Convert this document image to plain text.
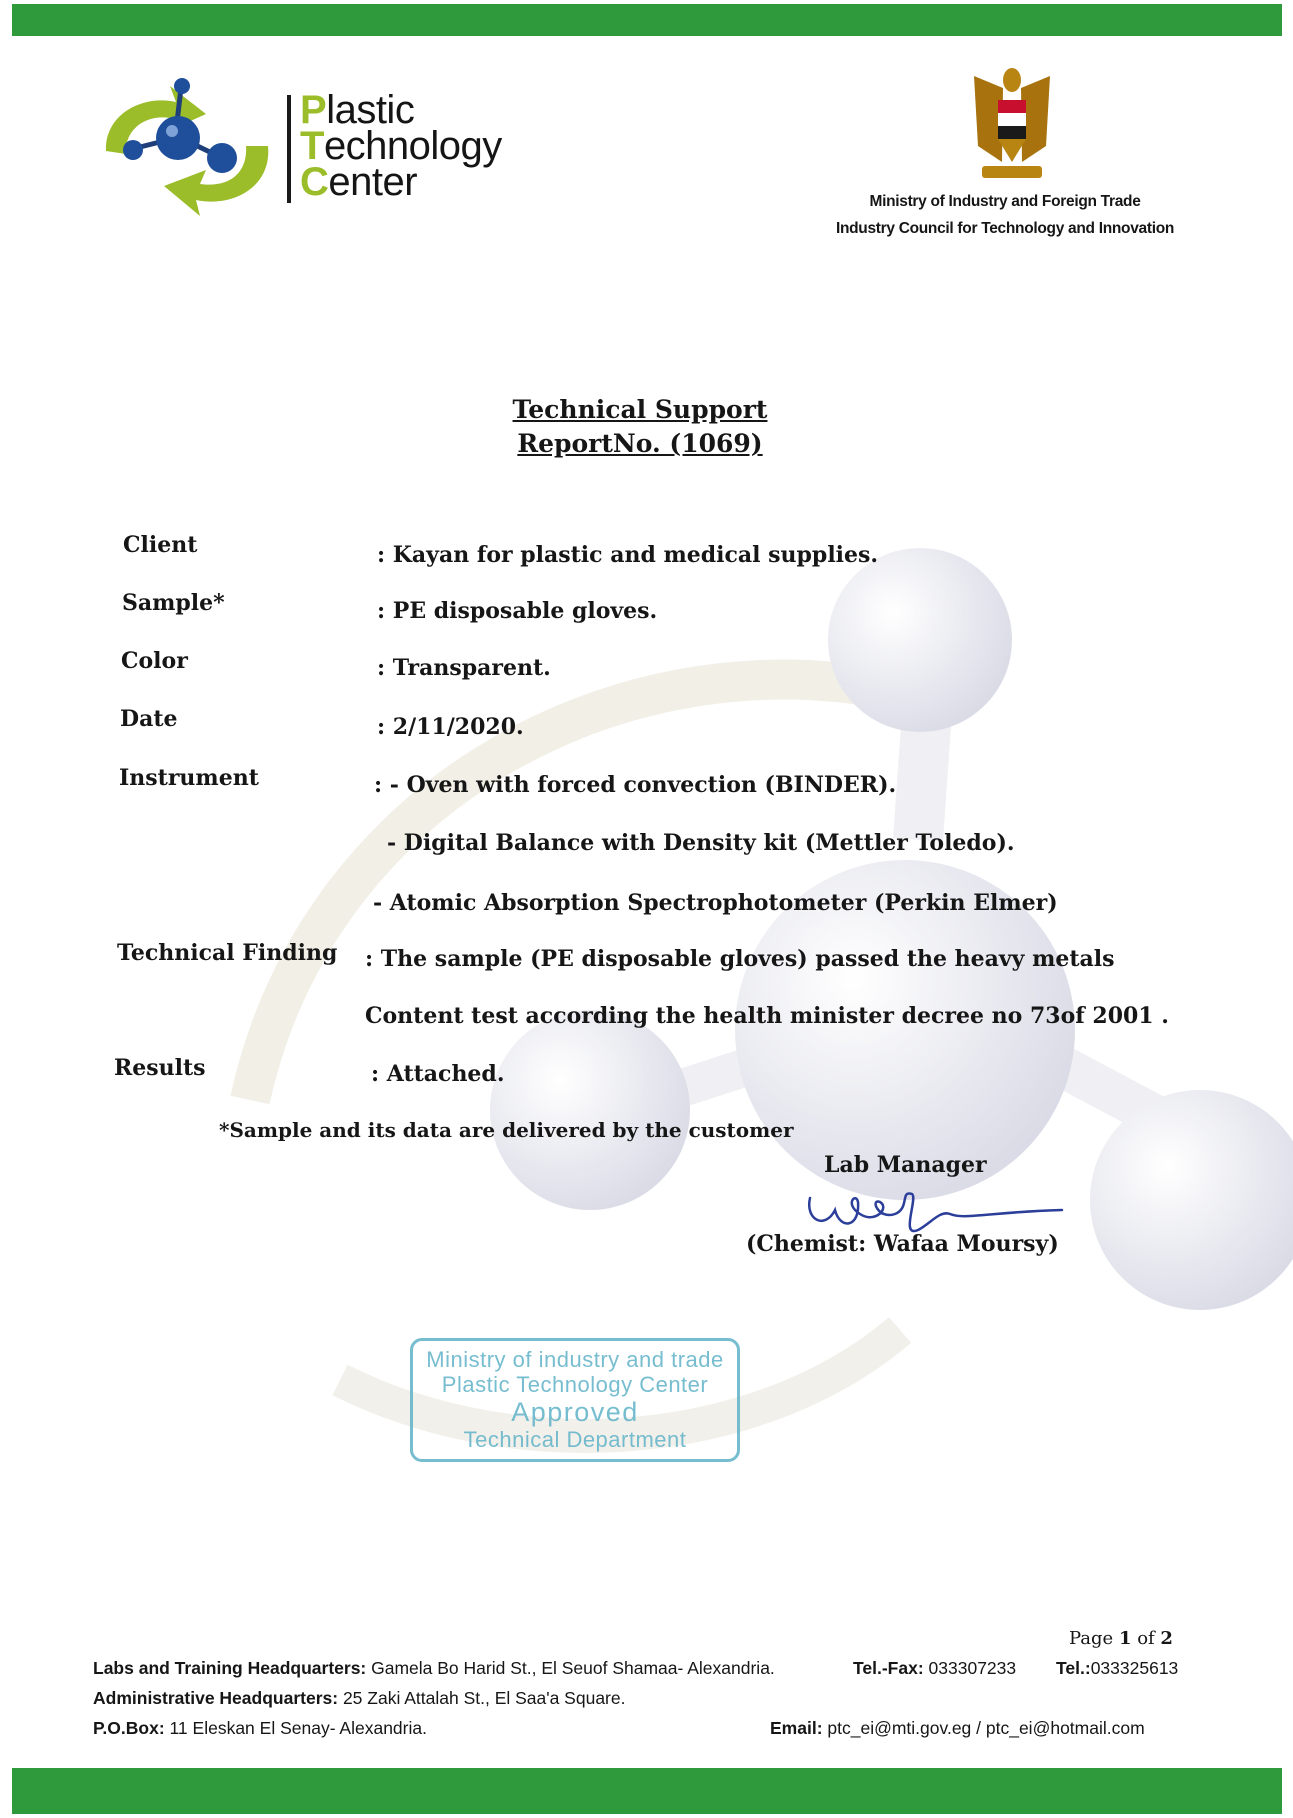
Plastic
Technology
Center	Ministry of Industry and Foreign Trade
Industry Council for Technology and Innovation
Technical Support
ReportNo. (1069)
Client	: Kayan for plastic and medical supplies.
Sample*	: PE disposable gloves.
Color	: Transparent.
Date	: 2/11/2020.
Instrument	: - Oven with forced convection (BINDER).
- Digital Balance with Density kit (Mettler Toledo).
- Atomic Absorption Spectrophotometer (Perkin Elmer)
Technical Finding : The sample (PE disposable gloves) passed the heavy metals
Content test according the health minister decree no 73of 2001 .
Results	: Attached.
*Sample and its data are delivered by the customer
Lab Manager
(Chemist: Wafaa Moursy)
Ministry of industry and trade
Plastic Technology Center
Approved
Technical Department
Page 1 of 2
Labs and Training Headquarters: Gamela Bo Harid St., El Seuof Shamaa- Alexandria.	Tel.-Fax: 033307233 Tel.:033325613
Administrative Headquarters: 25 Zaki Attalah St., El Saa'a Square.
P.O.Box: 11 Eleskan El Senay- Alexandria.	Email: ptc_ei@mti.gov.eg / ptc_ei@hotmail.com
